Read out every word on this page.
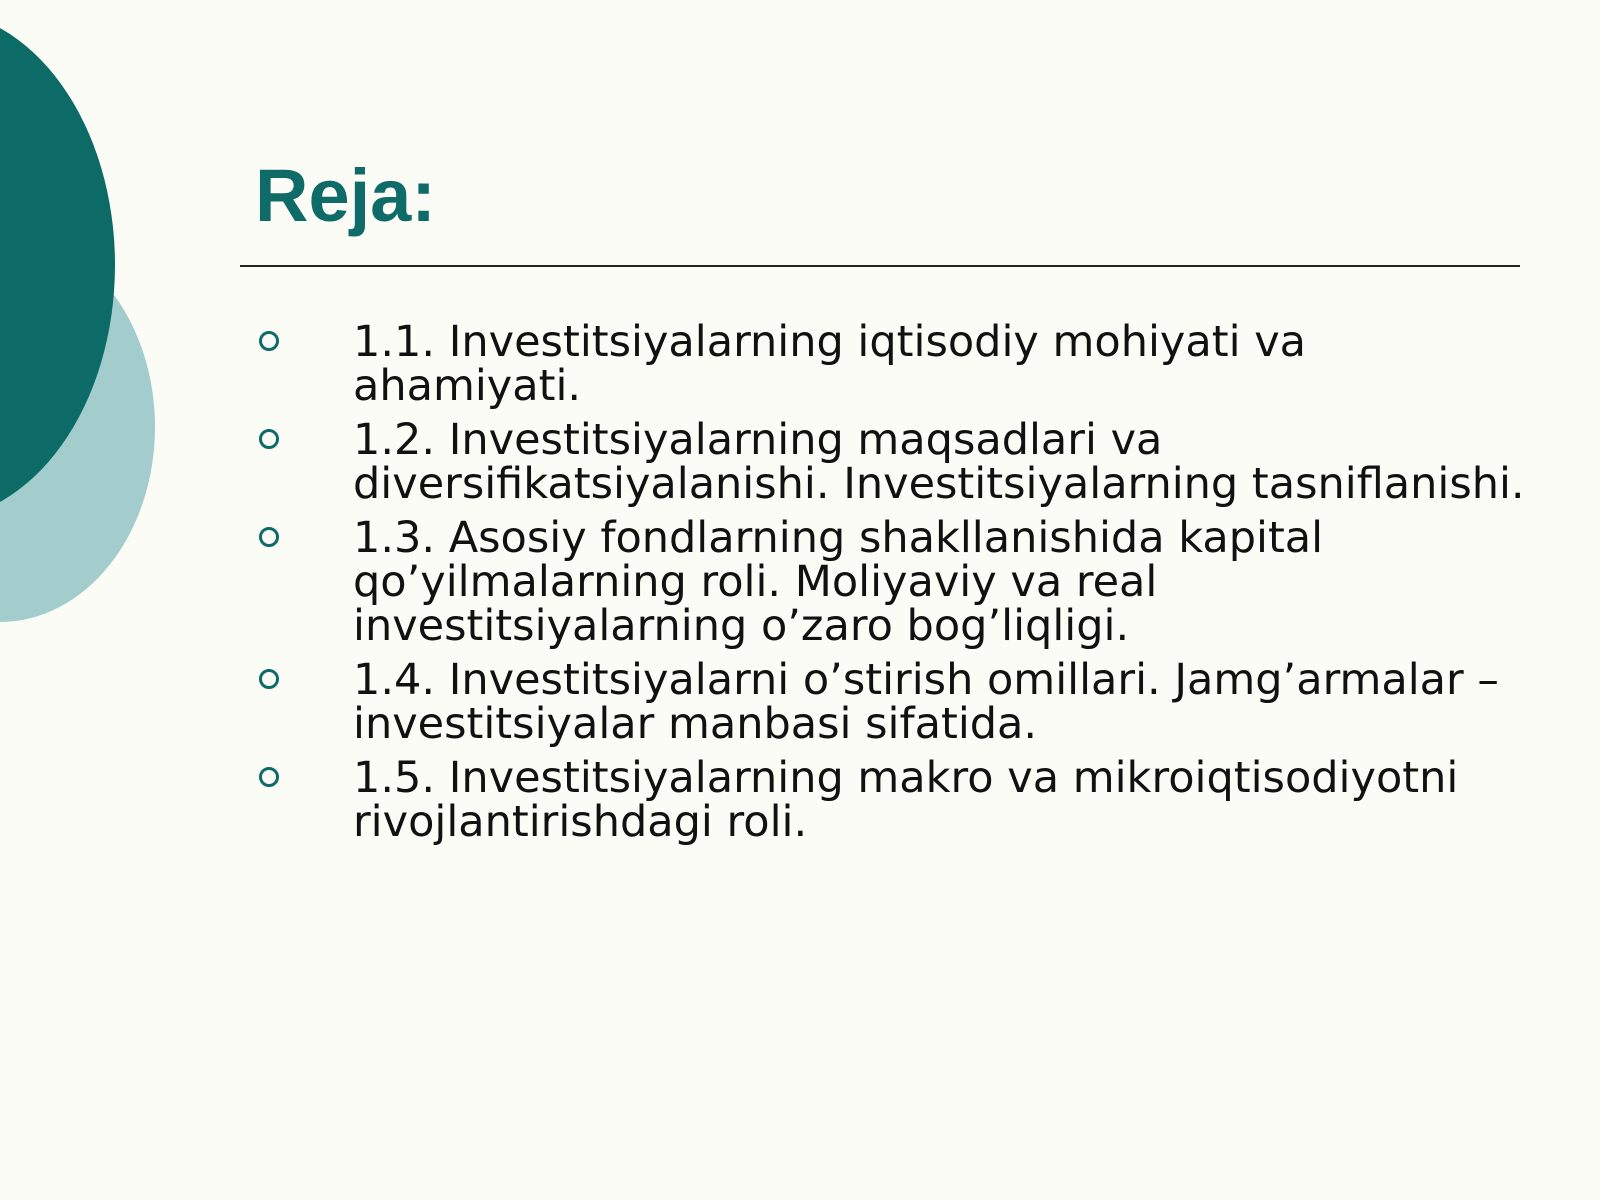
Reja:
1.1. Investitsiyalarning iqtisodiy mohiyati va ahamiyati.
1.2. Investitsiyalarning maqsadlari va diversifikatsiyalanishi. Investitsiyalarning tasniflanishi.
1.3. Asosiy fondlarning shakllanishida kapital qo’yilmalarning roli. Moliyaviy va real investitsiyalarning o’zaro bog’liqligi.
1.4. Investitsiyalarni o’stirish omillari. Jamg’armalar – investitsiyalar manbasi sifatida.
1.5. Investitsiyalarning makro va mikroiqtisodiyotni rivojlantirishdagi roli.
